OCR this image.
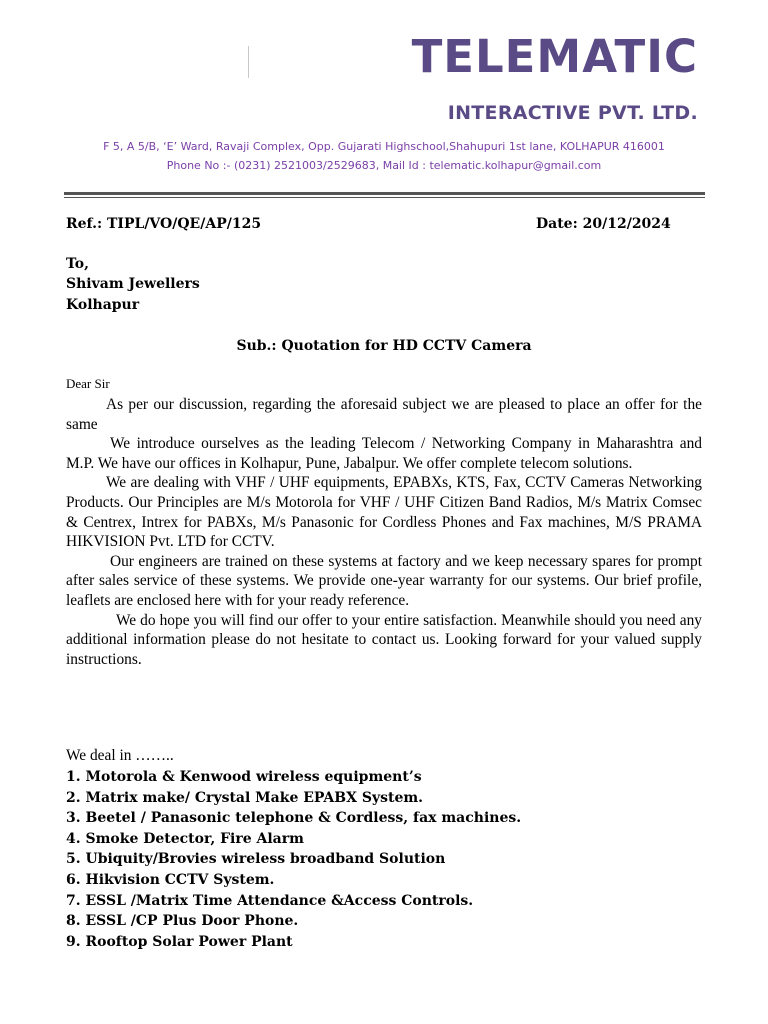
TELEMATIC
INTERACTIVE PVT. LTD.
F 5, A 5/B, ‘E’ Ward, Ravaji Complex, Opp. Gujarati Highschool,Shahupuri 1st lane, KOLHAPUR 416001
Phone No :- (0231) 2521003/2529683, Mail Id : telematic.kolhapur@gmail.com
Ref.: TIPL/VO/QE/AP/125	Date: 20/12/2024
To,
Shivam Jewellers
Kolhapur
Sub.: Quotation for HD CCTV Camera
Dear Sir

As per our discussion, regarding the aforesaid subject we are pleased to place an offer for the same

We introduce ourselves as the leading Telecom / Networking Company in Maharashtra and M.P. We have our offices in Kolhapur, Pune, Jabalpur. We offer complete telecom solutions.

We are dealing with VHF / UHF equipments, EPABXs, KTS, Fax, CCTV Cameras Networking Products. Our Principles are M/s Motorola for VHF / UHF Citizen Band Radios, M/s Matrix Comsec & Centrex, Intrex for PABXs, M/s Panasonic for Cordless Phones and Fax machines, M/S PRAMA HIKVISION Pvt. LTD for CCTV.

Our engineers are trained on these systems at factory and we keep necessary spares for prompt after sales service of these systems. We provide one-year warranty for our systems. Our brief profile, leaflets are enclosed here with for your ready reference.

We do hope you will find our offer to your entire satisfaction. Meanwhile should you need any additional information please do not hesitate to contact us. Looking forward for your valued supply instructions.

We deal in ……..
1. Motorola & Kenwood wireless equipment’s
2. Matrix make/ Crystal Make EPABX System.
3. Beetel / Panasonic telephone & Cordless, fax machines.
4. Smoke Detector, Fire Alarm
5. Ubiquity/Brovies wireless broadband Solution
6. Hikvision CCTV System.
7. ESSL /Matrix Time Attendance &Access Controls.
8. ESSL /CP Plus Door Phone.
9. Rooftop Solar Power Plant
